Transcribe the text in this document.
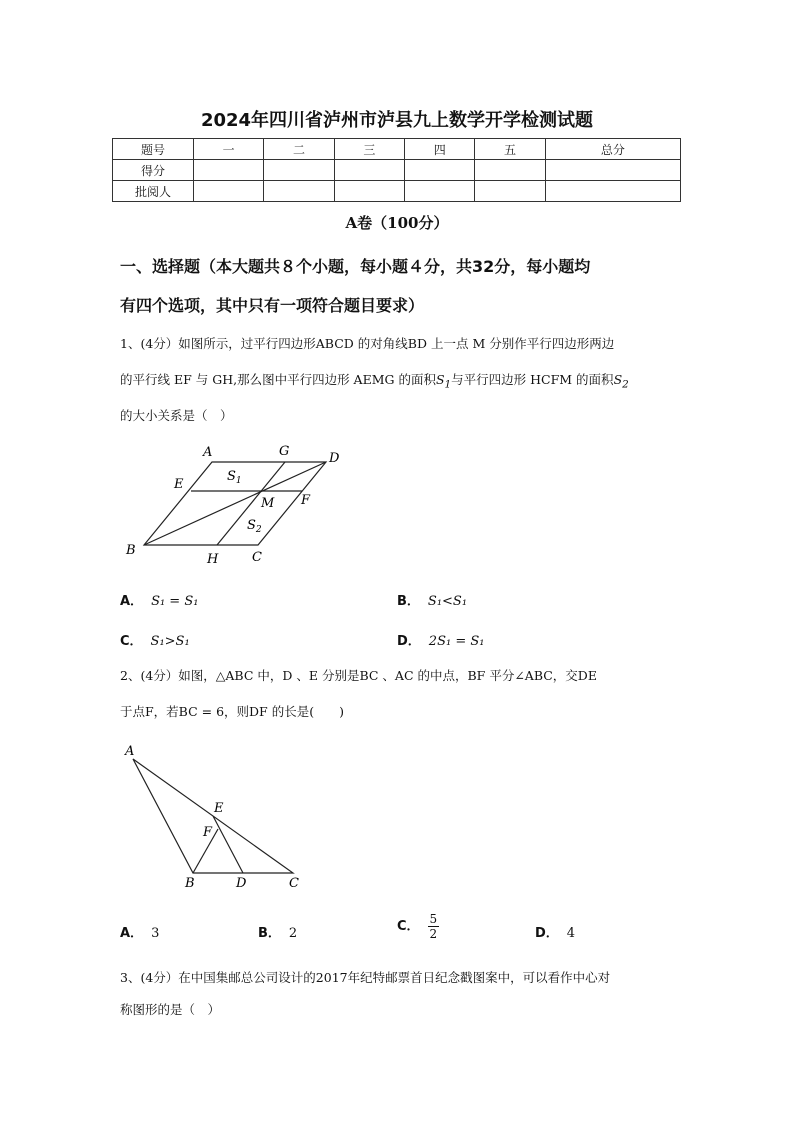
2024年四川省泸州市泸县九上数学开学检测试题
题号	一	二	三	四	五	总分
得分						
批阅人						
A卷（100分）
一、选择题（本大题共８个小题，每小题４分，共32分，每小题均
有四个选项，其中只有一项符合题目要求）
1、(4分）如图所示，过平行四边形ABCD 的对角线BD 上一点 M 分别作平行四边形两边
的平行线 EF 与 GH,那么图中平行四边形 AEMG 的面积$S_1$与平行四边形 HCFM 的面积$S_2$
的大小关系是（　）
A	G	D
E
$S_1$
M F
$S_2$
B
H	C
A． S₁ = S₁	B． S₁<S₁
C． S₁>S₁	D． 2S₁ = S₁
2、(4分）如图，△ABC 中，D 、E 分别是BC 、AC 的中点，BF 平分∠ABC，交DE
于点F，若BC = 6，则DF 的长是(　　)
A
E
F
B	D	C
A． 3	B． 2	C． $\frac{5}{2}$	D． 4
3、(4分）在中国集邮总公司设计的2017年纪特邮票首日纪念戳图案中，可以看作中心对
称图形的是（　）
